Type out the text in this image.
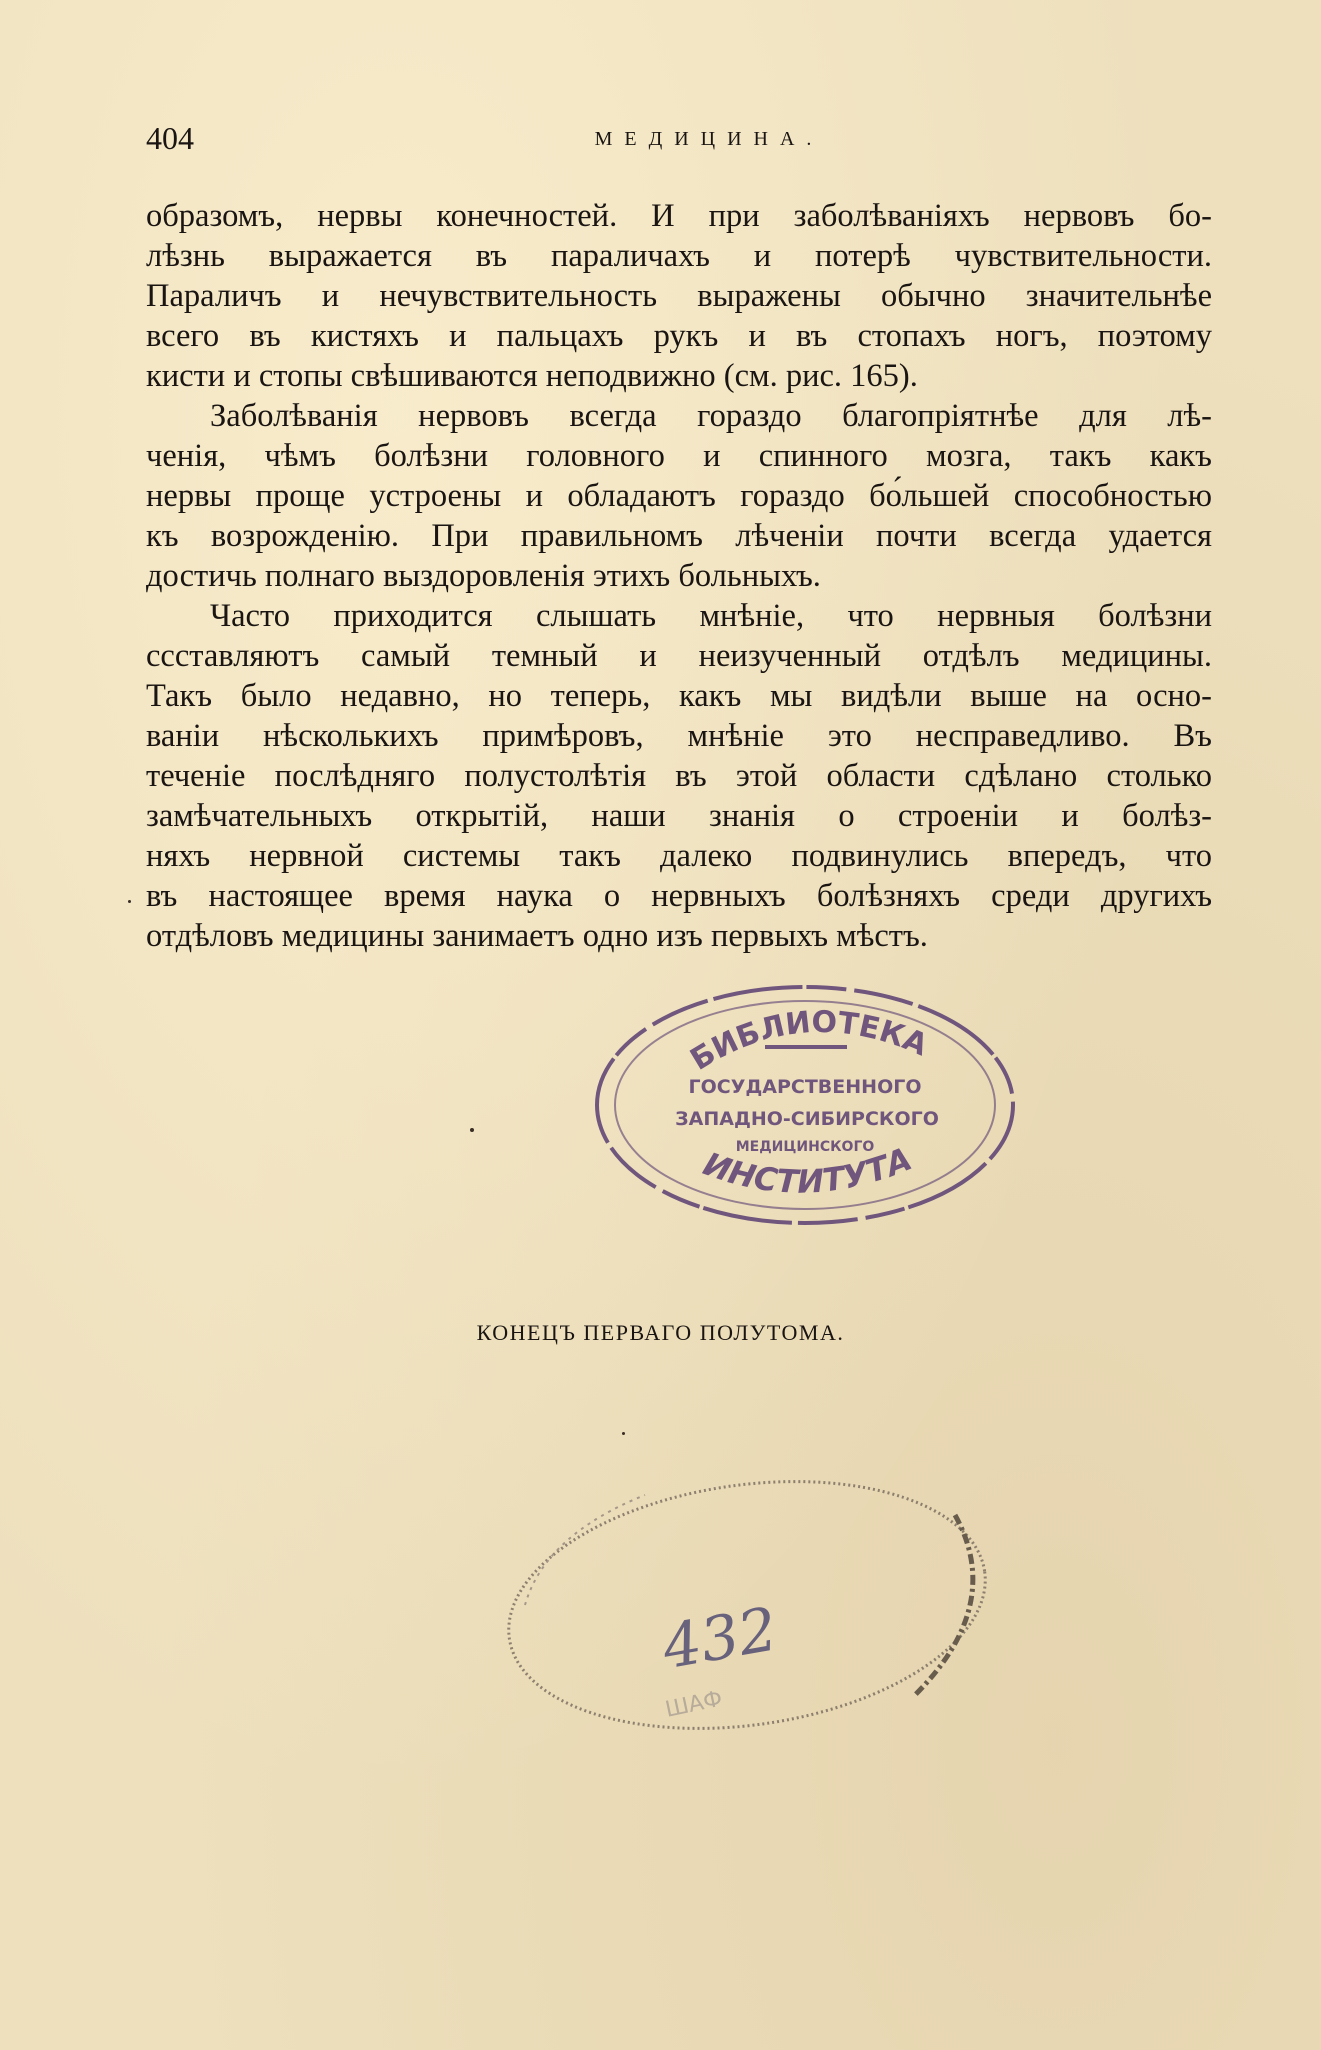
404	МЕДИЦИНА.

образомъ, нервы конечностей. И при заболѣваніяхъ нервовъ бо-
лѣзнь выражается въ параличахъ и потерѣ чувствительности.
Параличъ и нечувствительность выражены обычно значительнѣе
всего въ кистяхъ и пальцахъ рукъ и въ стопахъ ногъ, поэтому
кисти и стопы свѣшиваются неподвижно (см. рис. 165).

Заболѣванія нервовъ всегда гораздо благопріятнѣе для лѣ-
ченія, чѣмъ болѣзни головного и спинного мозга, такъ какъ
нервы проще устроены и обладаютъ гораздо бо́льшей способностью
къ возрожденію. При правильномъ лѣченіи почти всегда удается
достичь полнаго выздоровленія этихъ больныхъ.

Часто приходится слышать мнѣніе, что нервныя болѣзни
ссставляютъ самый темный и неизученный отдѣлъ медицины.
Такъ было недавно, но теперь, какъ мы видѣли выше на осно-
ваніи нѣсколькихъ примѣровъ, мнѣніе это несправедливо. Въ
теченіе послѣдняго полустолѣтія въ этой области сдѣлано столько
замѣчательныхъ открытій, наши знанія о строеніи и болѣз-
няхъ нервной системы такъ далеко подвинулись впередъ, что
въ настоящее время наука о нервныхъ болѣзняхъ среди другихъ
отдѣловъ медицины занимаетъ одно изъ первыхъ мѣстъ.

БИБЛИОТЕКА
ГОСУДАРСТВЕННОГО
ЗАПАДНО-СИБИРСКОГО
МЕДИЦИНСКОГО
ИНСТИТУТА
КОНЕЦЪ ПЕРВАГО ПОЛУТОМА.
432
ШАФ
